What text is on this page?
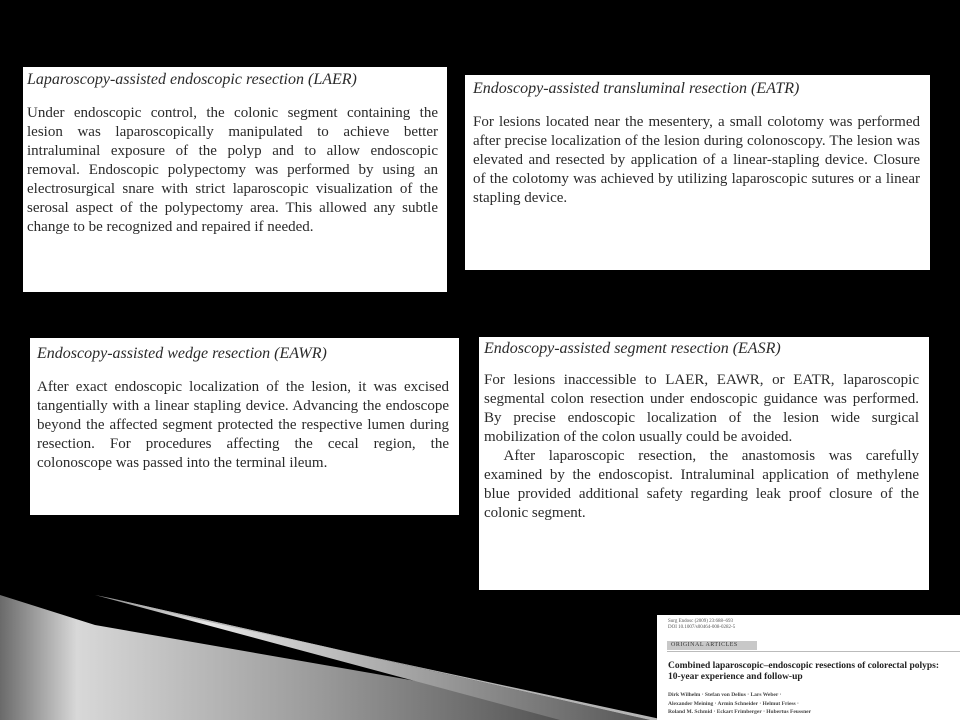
Laparoscopy-assisted endoscopic resection (LAER)

Under endoscopic control, the colonic segment containing the lesion was laparoscopically manipulated to achieve better intraluminal exposure of the polyp and to allow endoscopic removal. Endoscopic polypectomy was performed by using an electrosurgical snare with strict laparoscopic visualization of the serosal aspect of the polypectomy area. This allowed any subtle change to be recognized and repaired if needed.

Endoscopy-assisted transluminal resection (EATR)

For lesions located near the mesentery, a small colotomy was performed after precise localization of the lesion during colonoscopy. The lesion was elevated and resected by application of a linear-stapling device. Closure of the colotomy was achieved by utilizing laparoscopic sutures or a linear stapling device.

Endoscopy-assisted wedge resection (EAWR)

After exact endoscopic localization of the lesion, it was excised tangentially with a linear stapling device. Advancing the endoscope beyond the affected segment protected the respective lumen during resection. For procedures affecting the cecal region, the colonoscope was passed into the terminal ileum.

Endoscopy-assisted segment resection (EASR)

For lesions inaccessible to LAER, EAWR, or EATR, laparoscopic segmental colon resection under endoscopic guidance was performed. By precise endoscopic localization of the lesion wide surgical mobilization of the colon usually could be avoided.

After laparoscopic resection, the anastomosis was carefully examined by the endoscopist. Intraluminal application of methylene blue provided additional safety regarding leak proof closure of the colonic segment.

Surg Endosc (2009) 23:688–693
DOI 10.1007/s00464-008-0282-5
ORIGINAL ARTICLES
Combined laparoscopic–endoscopic resections of colorectal polyps: 10-year experience and follow-up
Dirk Wilhelm · Stefan von Delius · Lars Weber ·
Alexander Meining · Armin Schneider · Helmut Friess ·
Roland M. Schmid · Eckart Frimberger · Hubertus Feussner
